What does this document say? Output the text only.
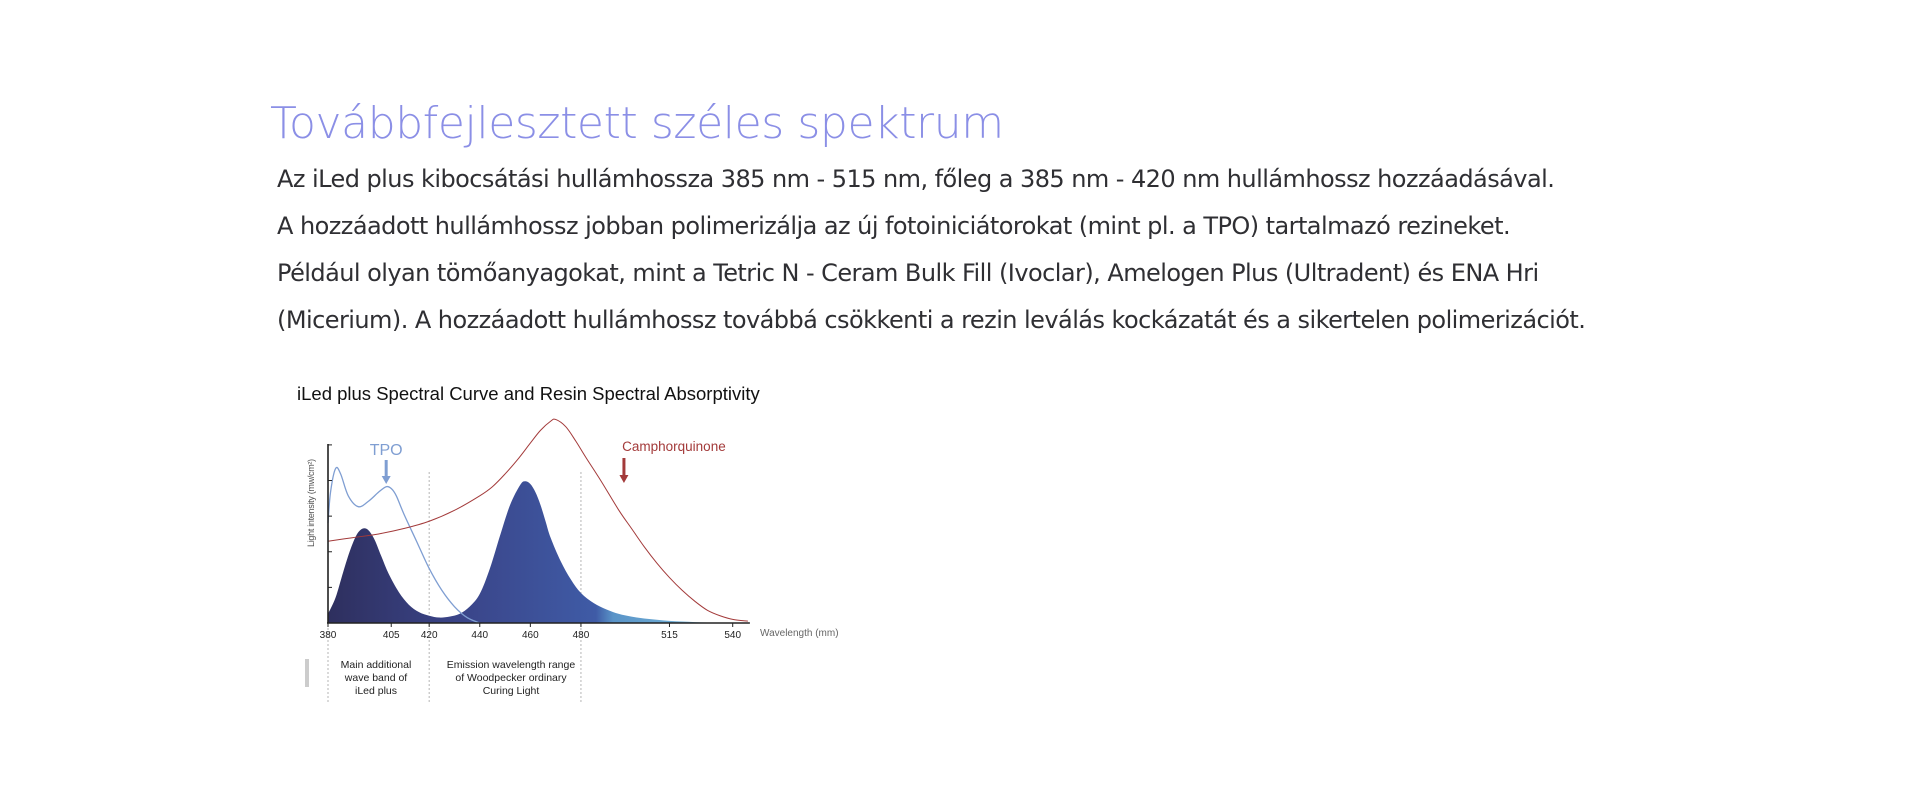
Továbbfejlesztett széles spektrum

Az iLed plus kibocsátási hullámhossza 385 nm - 515 nm, főleg a 385 nm - 420 nm hullámhossz hozzáadásával.

A hozzáadott hullámhossz jobban polimerizálja az új fotoiniciátorokat (mint pl. a TPO) tartalmazó rezineket.

Például olyan tömőanyagokat, mint a Tetric N - Ceram Bulk Fill (Ivoclar), Amelogen Plus (Ultradent) és ENA Hri

(Micerium). A hozzáadott hullámhossz továbbá csökkenti a rezin leválás kockázatát és a sikertelen polimerizációt.

iLed plus Spectral Curve and Resin Spectral Absorptivity
380	405 420	440	460	480	515	540
Light intensity (mw/cm²)
Wavelength (mm)
TPO	Camphorquinone
Main additional
wave band of
iLed plus
Emission wavelength range
of Woodpecker ordinary
Curing Light
